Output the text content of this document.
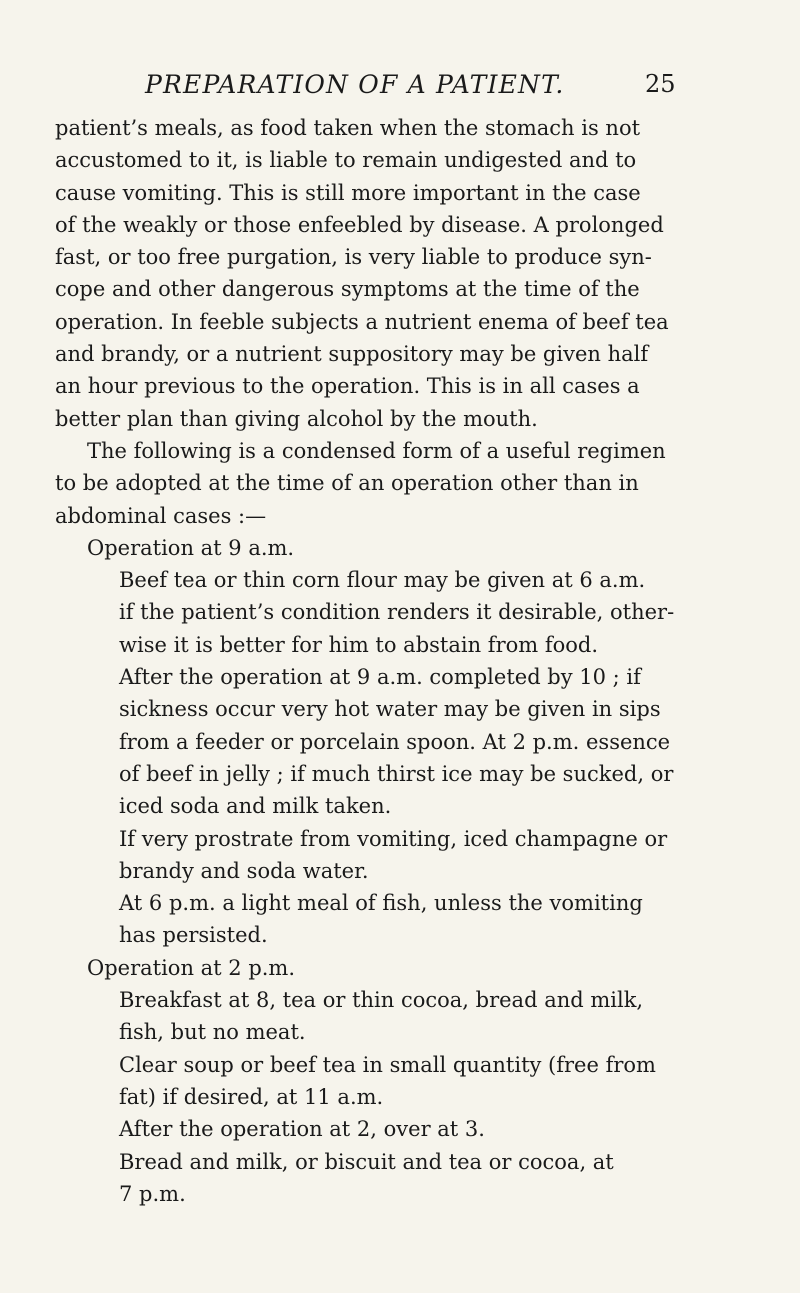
PREPARATION OF A PATIENT.	25
patient’s meals, as food taken when the stomach is not
accustomed to it, is liable to remain undigested and to
cause vomiting. This is still more important in the case
of the weakly or those enfeebled by disease. A prolonged
fast, or too free purgation, is very liable to produce syn-
cope and other dangerous symptoms at the time of the
operation. In feeble subjects a nutrient enema of beef tea
and brandy, or a nutrient suppository may be given half
an hour previous to the operation. This is in all cases a
better plan than giving alcohol by the mouth.
The following is a condensed form of a useful regimen
to be adopted at the time of an operation other than in
abdominal cases :—
Operation at 9 a.m.
Beef tea or thin corn flour may be given at 6 a.m.
if the patient’s condition renders it desirable, other-
wise it is better for him to abstain from food.
After the operation at 9 a.m. completed by 10 ; if
sickness occur very hot water may be given in sips
from a feeder or porcelain spoon. At 2 p.m. essence
of beef in jelly ; if much thirst ice may be sucked, or
iced soda and milk taken.
If very prostrate from vomiting, iced champagne or
brandy and soda water.
At 6 p.m. a light meal of fish, unless the vomiting
has persisted.
Operation at 2 p.m.
Breakfast at 8, tea or thin cocoa, bread and milk,
fish, but no meat.
Clear soup or beef tea in small quantity (free from
fat) if desired, at 11 a.m.
After the operation at 2, over at 3.
Bread and milk, or biscuit and tea or cocoa, at
7 p.m.
